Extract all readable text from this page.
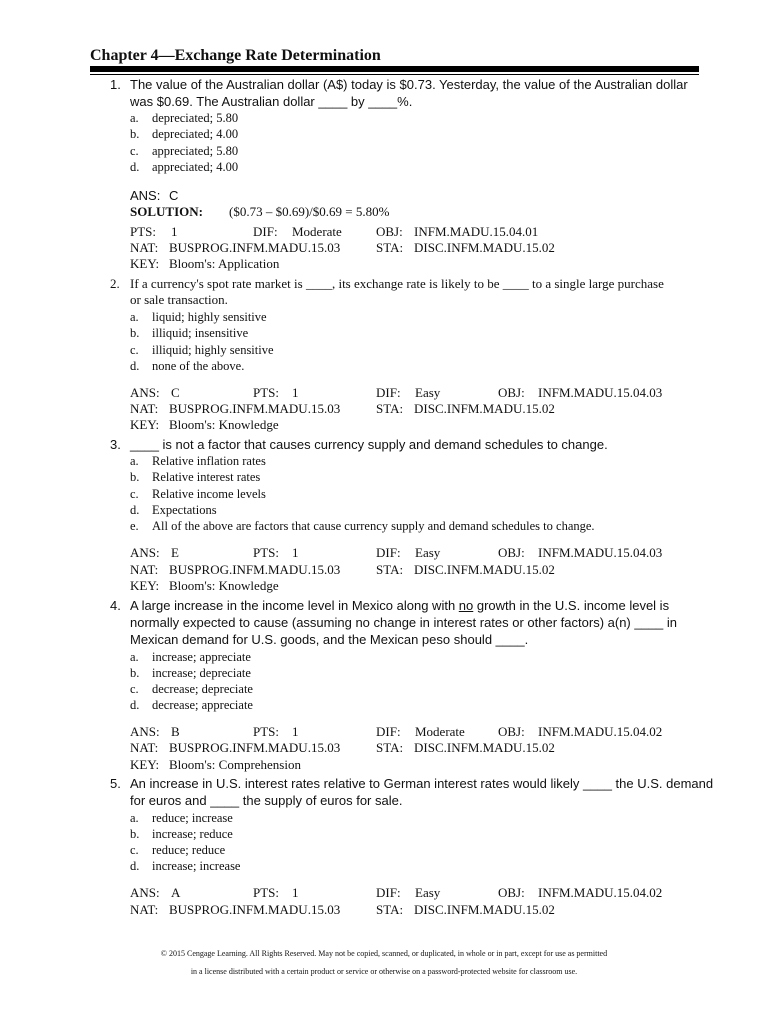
Chapter 4—Exchange Rate Determination
1. The value of the Australian dollar (A$) today is $0.73. Yesterday, the value of the Australian dollar
was $0.69. The Australian dollar ____ by ____%.
a. depreciated; 5.80
b. depreciated; 4.00
c. appreciated; 5.80
d. appreciated; 4.00
ANS: C
SOLUTION: ($0.73 – $0.69)/$0.69 = 5.80%
PTS: 1	DIF: Moderate	OBJ: INFM.MADU.15.04.01
NAT: BUSPROG.INFM.MADU.15.03	STA: DISC.INFM.MADU.15.02
KEY: Bloom's: Application
2. If a currency's spot rate market is ____, its exchange rate is likely to be ____ to a single large purchase
or sale transaction.
a. liquid; highly sensitive
b. illiquid; insensitive
c. illiquid; highly sensitive
d. none of the above.
ANS: C	PTS: 1	DIF: Easy	OBJ: INFM.MADU.15.04.03
NAT: BUSPROG.INFM.MADU.15.03	STA: DISC.INFM.MADU.15.02
KEY: Bloom's: Knowledge
3. ____ is not a factor that causes currency supply and demand schedules to change.
a. Relative inflation rates
b. Relative interest rates
c. Relative income levels
d. Expectations
e. All of the above are factors that cause currency supply and demand schedules to change.
ANS: E	PTS: 1	DIF: Easy	OBJ: INFM.MADU.15.04.03
NAT: BUSPROG.INFM.MADU.15.03	STA: DISC.INFM.MADU.15.02
KEY: Bloom's: Knowledge
4. A large increase in the income level in Mexico along with no growth in the U.S. income level is
normally expected to cause (assuming no change in interest rates or other factors) a(n) ____ in
Mexican demand for U.S. goods, and the Mexican peso should ____.
a. increase; appreciate
b. increase; depreciate
c. decrease; depreciate
d. decrease; appreciate
ANS: B	PTS: 1	DIF: Moderate	OBJ: INFM.MADU.15.04.02
NAT: BUSPROG.INFM.MADU.15.03	STA: DISC.INFM.MADU.15.02
KEY: Bloom's: Comprehension
5. An increase in U.S. interest rates relative to German interest rates would likely ____ the U.S. demand
for euros and ____ the supply of euros for sale.
a. reduce; increase
b. increase; reduce
c. reduce; reduce
d. increase; increase
ANS: A	PTS: 1	DIF: Easy	OBJ: INFM.MADU.15.04.02
NAT: BUSPROG.INFM.MADU.15.03	STA: DISC.INFM.MADU.15.02
© 2015 Cengage Learning. All Rights Reserved. May not be copied, scanned, or duplicated, in whole or in part, except for use as permitted
in a license distributed with a certain product or service or otherwise on a password-protected website for classroom use.
